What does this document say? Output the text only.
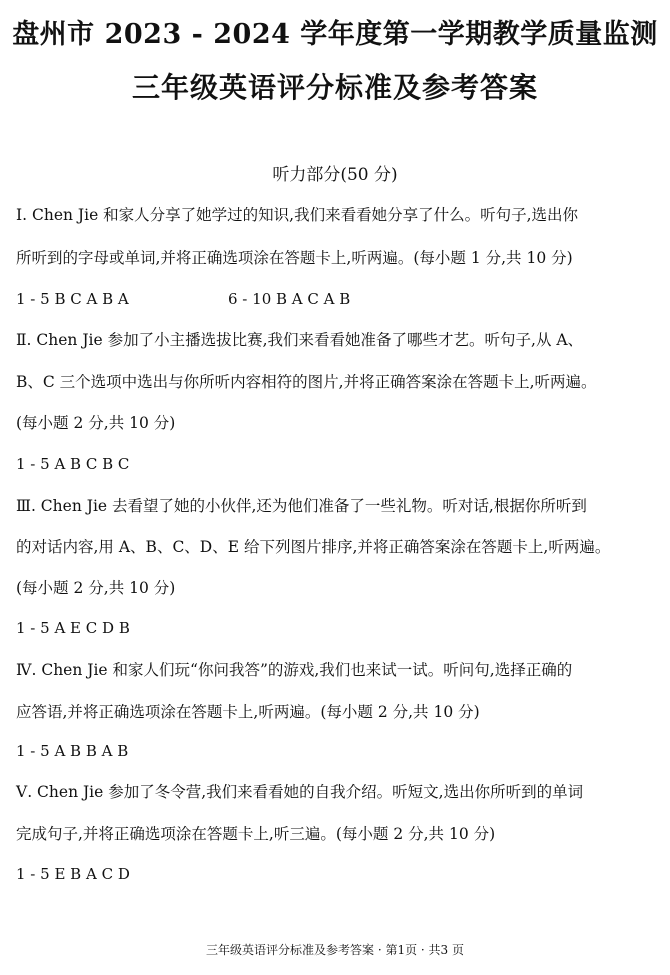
盘州市 2023 - 2024 学年度第一学期教学质量监测
三年级英语评分标准及参考答案
听力部分(50 分)
Ⅰ. Chen Jie 和家人分享了她学过的知识,我们来看看她分享了什么。听句子,选出你
所听到的字母或单词,并将正确选项涂在答题卡上,听两遍。(每小题 1 分,共 10 分)
1 - 5 B C A B A	6 - 10 B A C A B
Ⅱ. Chen Jie 参加了小主播选拔比赛,我们来看看她准备了哪些才艺。听句子,从 A、
B、C 三个选项中选出与你所听内容相符的图片,并将正确答案涂在答题卡上,听两遍。
(每小题 2 分,共 10 分)
1 - 5 A B C B C
Ⅲ. Chen Jie 去看望了她的小伙伴,还为他们准备了一些礼物。听对话,根据你所听到
的对话内容,用 A、B、C、D、E 给下列图片排序,并将正确答案涂在答题卡上,听两遍。
(每小题 2 分,共 10 分)
1 - 5 A E C D B
Ⅳ. Chen Jie 和家人们玩“你问我答”的游戏,我们也来试一试。听问句,选择正确的
应答语,并将正确选项涂在答题卡上,听两遍。(每小题 2 分,共 10 分)
1 - 5 A B B A B
Ⅴ. Chen Jie 参加了冬令营,我们来看看她的自我介绍。听短文,选出你所听到的单词
完成句子,并将正确选项涂在答题卡上,听三遍。(每小题 2 分,共 10 分)
1 - 5 E B A C D
三年级英语评分标准及参考答案 · 第1页 · 共3 页
